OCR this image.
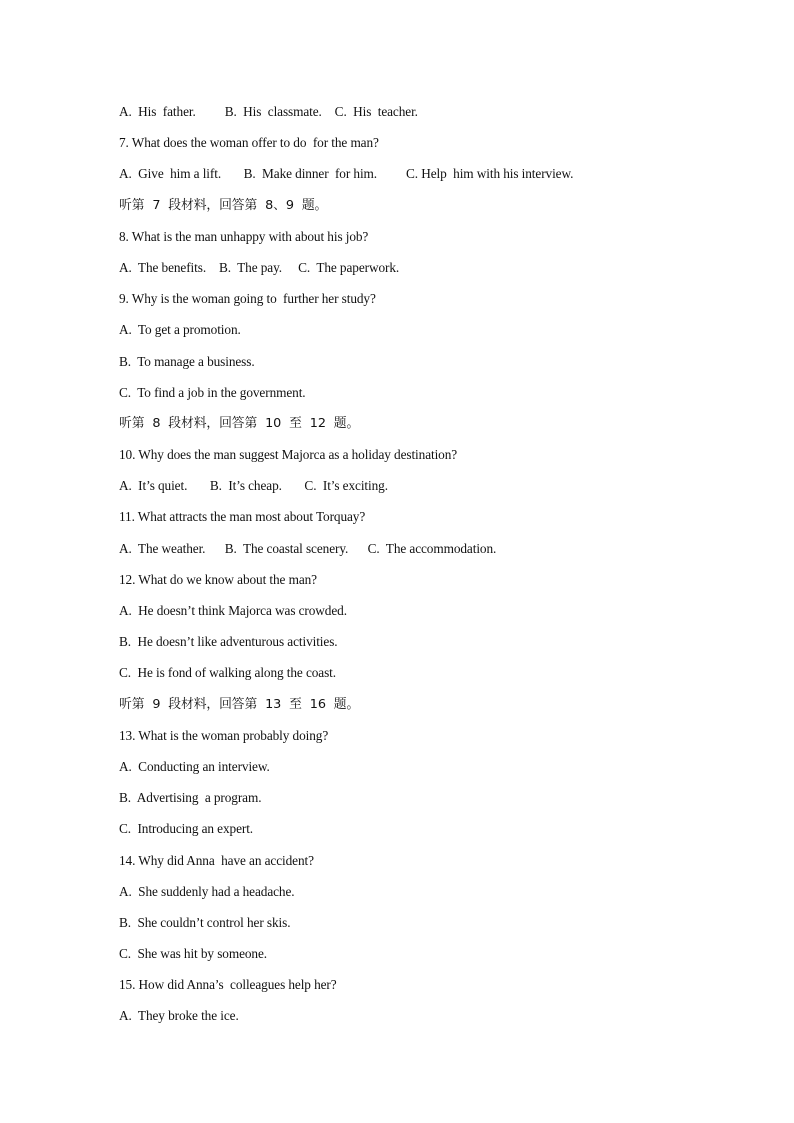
A.  His  father.         B.  His  classmate.    C.  His  teacher.
7. What does the woman offer to do  for the man?
A.  Give  him a lift.       B.  Make dinner  for him.         C. Help  him with his interview.
听第  7  段材料，回答第  8、9  题。
8. What is the man unhappy with about his job?
A.  The benefits.    B.  The pay.     C.  The paperwork.
9. Why is the woman going to  further her study?
A.  To get a promotion.
B.  To manage a business.
C.  To find a job in the government.
听第  8  段材料，回答第  10  至  12  题。
10. Why does the man suggest Majorca as a holiday destination?
A.  It’s quiet.       B.  It’s cheap.       C.  It’s exciting.
11. What attracts the man most about Torquay?
A.  The weather.      B.  The coastal scenery.      C.  The accommodation.
12. What do we know about the man?
A.  He doesn’t think Majorca was crowded.
B.  He doesn’t like adventurous activities.
C.  He is fond of walking along the coast.
听第  9  段材料，回答第  13  至  16  题。
13. What is the woman probably doing?
A.  Conducting an interview.
B.  Advertising  a program.
C.  Introducing an expert.
14. Why did Anna  have an accident?
A.  She suddenly had a headache.
B.  She couldn’t control her skis.
C.  She was hit by someone.
15. How did Anna’s  colleagues help her?
A.  They broke the ice.
